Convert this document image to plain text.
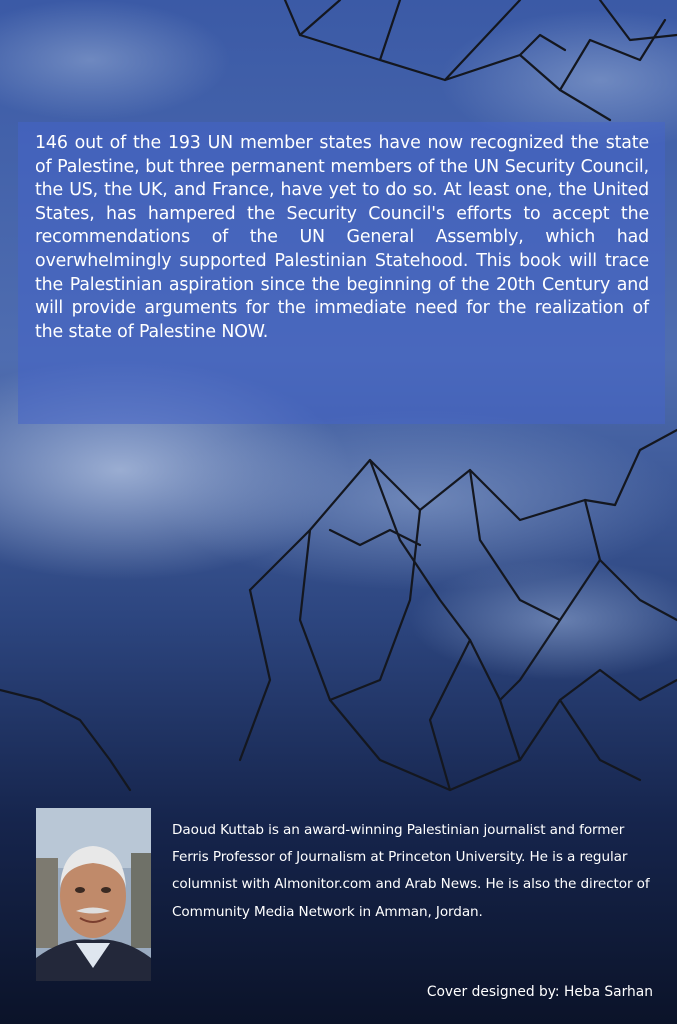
146 out of the 193 UN member states have now recognized the state of Palestine, but three permanent members of the UN Security Council, the US, the UK, and France, have yet to do so. At least one, the United States, has hampered the Security Council's efforts to accept the recommendations of the UN General Assembly, which had overwhelmingly supported Palestinian Statehood. This book will trace the Palestinian aspiration since the beginning of the 20th Century and will provide arguments for the immediate need for the realization of the state of Palestine NOW.

Daoud Kuttab is an award-winning Palestinian journalist and former Ferris Professor of Journalism at Princeton University. He is a regular columnist with Almonitor.com and Arab News. He is also the director of Community Media Network in Amman, Jordan.

Cover designed by: Heba Sarhan
